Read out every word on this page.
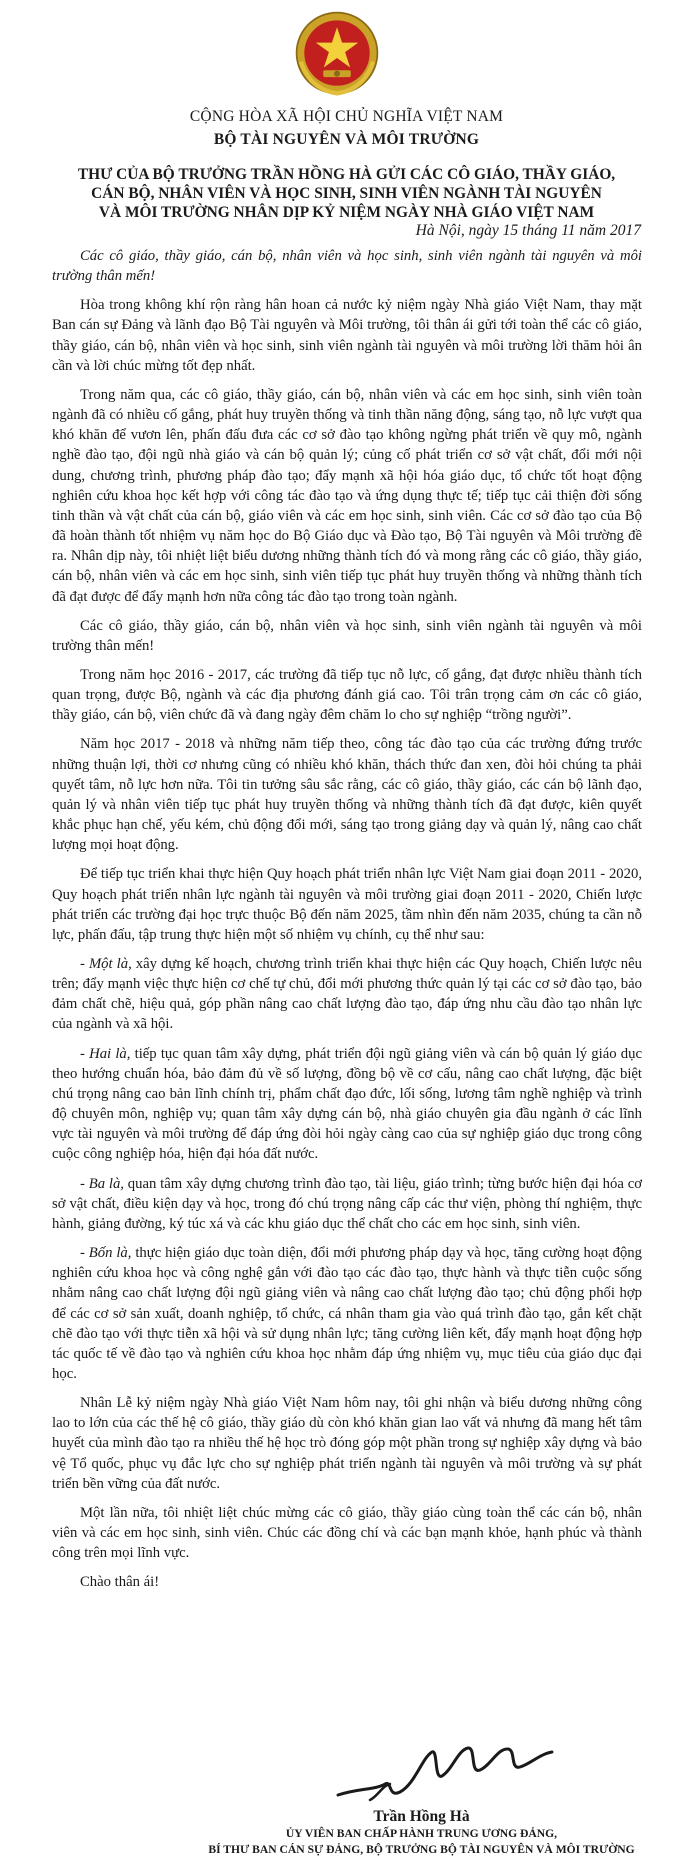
CỘNG HÒA XÃ HỘI CHỦ NGHĨA VIỆT NAM
BỘ TÀI NGUYÊN VÀ MÔI TRƯỜNG
THƯ CỦA BỘ TRƯỞNG TRẦN HỒNG HÀ GỬI CÁC CÔ GIÁO, THẦY GIÁO,
CÁN BỘ, NHÂN VIÊN VÀ HỌC SINH, SINH VIÊN NGÀNH TÀI NGUYÊN
VÀ MÔI TRƯỜNG NHÂN DỊP KỶ NIỆM NGÀY NHÀ GIÁO VIỆT NAM
Hà Nội, ngày 15 tháng 11 năm 2017

Các cô giáo, thầy giáo, cán bộ, nhân viên và học sinh, sinh viên ngành tài nguyên và môi trường thân mến!

Hòa trong không khí rộn ràng hân hoan cả nước kỷ niệm ngày Nhà giáo Việt Nam, thay mặt Ban cán sự Đảng và lãnh đạo Bộ Tài nguyên và Môi trường, tôi thân ái gửi tới toàn thể các cô giáo, thầy giáo, cán bộ, nhân viên và học sinh, sinh viên ngành tài nguyên và môi trường lời thăm hỏi ân cần và lời chúc mừng tốt đẹp nhất.

Trong năm qua, các cô giáo, thầy giáo, cán bộ, nhân viên và các em học sinh, sinh viên toàn ngành đã có nhiều cố gắng, phát huy truyền thống và tinh thần năng động, sáng tạo, nỗ lực vượt qua khó khăn để vươn lên, phấn đấu đưa các cơ sở đào tạo không ngừng phát triển về quy mô, ngành nghề đào tạo, đội ngũ nhà giáo và cán bộ quản lý; củng cố phát triển cơ sở vật chất, đổi mới nội dung, chương trình, phương pháp đào tạo; đẩy mạnh xã hội hóa giáo dục, tổ chức tốt hoạt động nghiên cứu khoa học kết hợp với công tác đào tạo và ứng dụng thực tế; tiếp tục cải thiện đời sống tinh thần và vật chất của cán bộ, giáo viên và các em học sinh, sinh viên. Các cơ sở đào tạo của Bộ đã hoàn thành tốt nhiệm vụ năm học do Bộ Giáo dục và Đào tạo, Bộ Tài nguyên và Môi trường đề ra. Nhân dịp này, tôi nhiệt liệt biểu dương những thành tích đó và mong rằng các cô giáo, thầy giáo, cán bộ, nhân viên và các em học sinh, sinh viên tiếp tục phát huy truyền thống và những thành tích đã đạt được để đẩy mạnh hơn nữa công tác đào tạo trong toàn ngành.

Các cô giáo, thầy giáo, cán bộ, nhân viên và học sinh, sinh viên ngành tài nguyên và môi trường thân mến!

Trong năm học 2016 - 2017, các trường đã tiếp tục nỗ lực, cố gắng, đạt được nhiều thành tích quan trọng, được Bộ, ngành và các địa phương đánh giá cao. Tôi trân trọng cảm ơn các cô giáo, thầy giáo, cán bộ, viên chức đã và đang ngày đêm chăm lo cho sự nghiệp “trồng người”.

Năm học 2017 - 2018 và những năm tiếp theo, công tác đào tạo của các trường đứng trước những thuận lợi, thời cơ nhưng cũng có nhiều khó khăn, thách thức đan xen, đòi hỏi chúng ta phải quyết tâm, nỗ lực hơn nữa. Tôi tin tưởng sâu sắc rằng, các cô giáo, thầy giáo, các cán bộ lãnh đạo, quản lý và nhân viên tiếp tục phát huy truyền thống và những thành tích đã đạt được, kiên quyết khắc phục hạn chế, yếu kém, chủ động đổi mới, sáng tạo trong giảng dạy và quản lý, nâng cao chất lượng mọi hoạt động.

Để tiếp tục triển khai thực hiện Quy hoạch phát triển nhân lực Việt Nam giai đoạn 2011 - 2020, Quy hoạch phát triển nhân lực ngành tài nguyên và môi trường giai đoạn 2011 - 2020, Chiến lược phát triển các trường đại học trực thuộc Bộ đến năm 2025, tầm nhìn đến năm 2035, chúng ta cần nỗ lực, phấn đấu, tập trung thực hiện một số nhiệm vụ chính, cụ thể như sau:

- Một là, xây dựng kế hoạch, chương trình triển khai thực hiện các Quy hoạch, Chiến lược nêu trên; đẩy mạnh việc thực hiện cơ chế tự chủ, đổi mới phương thức quản lý tại các cơ sở đào tạo, bảo đảm chất chẽ, hiệu quả, góp phần nâng cao chất lượng đào tạo, đáp ứng nhu cầu đào tạo nhân lực của ngành và xã hội.

- Hai là, tiếp tục quan tâm xây dựng, phát triển đội ngũ giảng viên và cán bộ quản lý giáo dục theo hướng chuẩn hóa, bảo đảm đủ về số lượng, đồng bộ về cơ cấu, nâng cao chất lượng, đặc biệt chú trọng nâng cao bản lĩnh chính trị, phẩm chất đạo đức, lối sống, lương tâm nghề nghiệp và trình độ chuyên môn, nghiệp vụ; quan tâm xây dựng cán bộ, nhà giáo chuyên gia đầu ngành ở các lĩnh vực tài nguyên và môi trường để đáp ứng đòi hỏi ngày càng cao của sự nghiệp giáo dục trong công cuộc công nghiệp hóa, hiện đại hóa đất nước.

- Ba là, quan tâm xây dựng chương trình đào tạo, tài liệu, giáo trình; từng bước hiện đại hóa cơ sở vật chất, điều kiện dạy và học, trong đó chú trọng nâng cấp các thư viện, phòng thí nghiệm, thực hành, giảng đường, ký túc xá và các khu giáo dục thể chất cho các em học sinh, sinh viên.

- Bốn là, thực hiện giáo dục toàn diện, đổi mới phương pháp dạy và học, tăng cường hoạt động nghiên cứu khoa học và công nghệ gắn với đào tạo các đào tạo, thực hành và thực tiễn cuộc sống nhằm nâng cao chất lượng đội ngũ giảng viên và nâng cao chất lượng đào tạo; chủ động phối hợp để các cơ sở sản xuất, doanh nghiệp, tổ chức, cá nhân tham gia vào quá trình đào tạo, gắn kết chặt chẽ đào tạo với thực tiễn xã hội và sử dụng nhân lực; tăng cường liên kết, đẩy mạnh hoạt động hợp tác quốc tế về đào tạo và nghiên cứu khoa học nhằm đáp ứng nhiệm vụ, mục tiêu của giáo dục đại học.

Nhân Lễ kỷ niệm ngày Nhà giáo Việt Nam hôm nay, tôi ghi nhận và biểu dương những công lao to lớn của các thế hệ cô giáo, thầy giáo dù còn khó khăn gian lao vất vả nhưng đã mang hết tâm huyết của mình đào tạo ra nhiều thế hệ học trò đóng góp một phần trong sự nghiệp xây dựng và bảo vệ Tổ quốc, phục vụ đắc lực cho sự nghiệp phát triển ngành tài nguyên và môi trường và sự phát triển bền vững của đất nước.

Một lần nữa, tôi nhiệt liệt chúc mừng các cô giáo, thầy giáo cùng toàn thể các cán bộ, nhân viên và các em học sinh, sinh viên. Chúc các đồng chí và các bạn mạnh khỏe, hạnh phúc và thành công trên mọi lĩnh vực.

Chào thân ái!

Trần Hồng Hà
ỦY VIÊN BAN CHẤP HÀNH TRUNG ƯƠNG ĐẢNG,
BÍ THƯ BAN CÁN SỰ ĐẢNG, BỘ TRƯỞNG BỘ TÀI NGUYÊN VÀ MÔI TRƯỜNG
